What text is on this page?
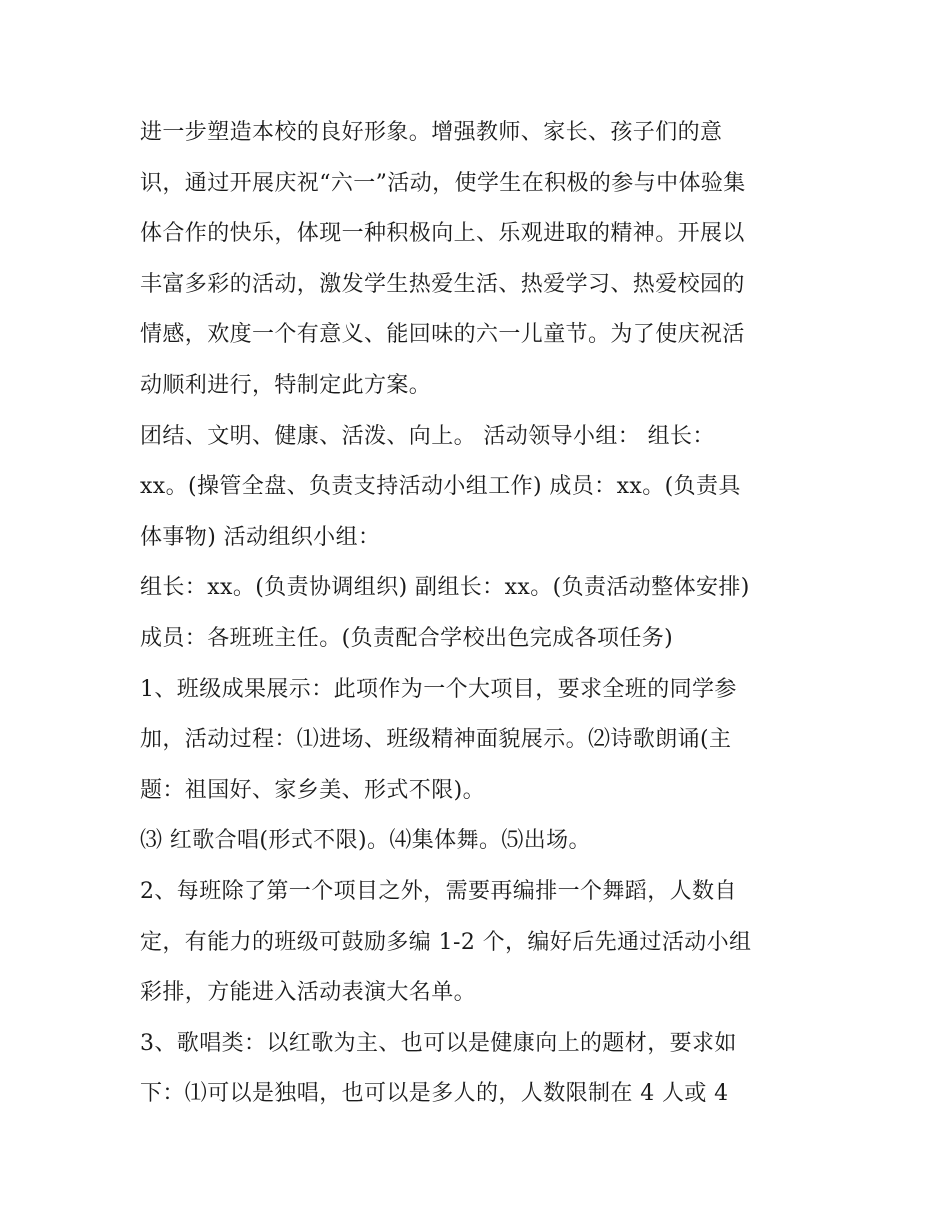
进一步塑造本校的良好形象。增强教师、家长、孩子们的意
识，通过开展庆祝“六一”活动，使学生在积极的参与中体验集
体合作的快乐，体现一种积极向上、乐观进取的精神。开展以
丰富多彩的活动，激发学生热爱生活、热爱学习、热爱校园的
情感，欢度一个有意义、能回味的六一儿童节。为了使庆祝活
动顺利进行，特制定此方案。
团结、文明、健康、活泼、向上。 活动领导小组： 组长：
xx。(操管全盘、负责支持活动小组工作) 成员：xx。(负责具
体事物) 活动组织小组：
组长：xx。(负责协调组织) 副组长：xx。(负责活动整体安排)
成员：各班班主任。(负责配合学校出色完成各项任务)
1、班级成果展示：此项作为一个大项目，要求全班的同学参
加，活动过程：⑴进场、班级精神面貌展示。⑵诗歌朗诵(主
题：祖国好、家乡美、形式不限)。
⑶ 红歌合唱(形式不限)。⑷集体舞。⑸出场。
2、每班除了第一个项目之外，需要再编排一个舞蹈，人数自
定，有能力的班级可鼓励多编 1-2 个，编好后先通过活动小组
彩排，方能进入活动表演大名单。
3、歌唱类：以红歌为主、也可以是健康向上的题材，要求如
下：⑴可以是独唱，也可以是多人的，人数限制在 4 人或 4
